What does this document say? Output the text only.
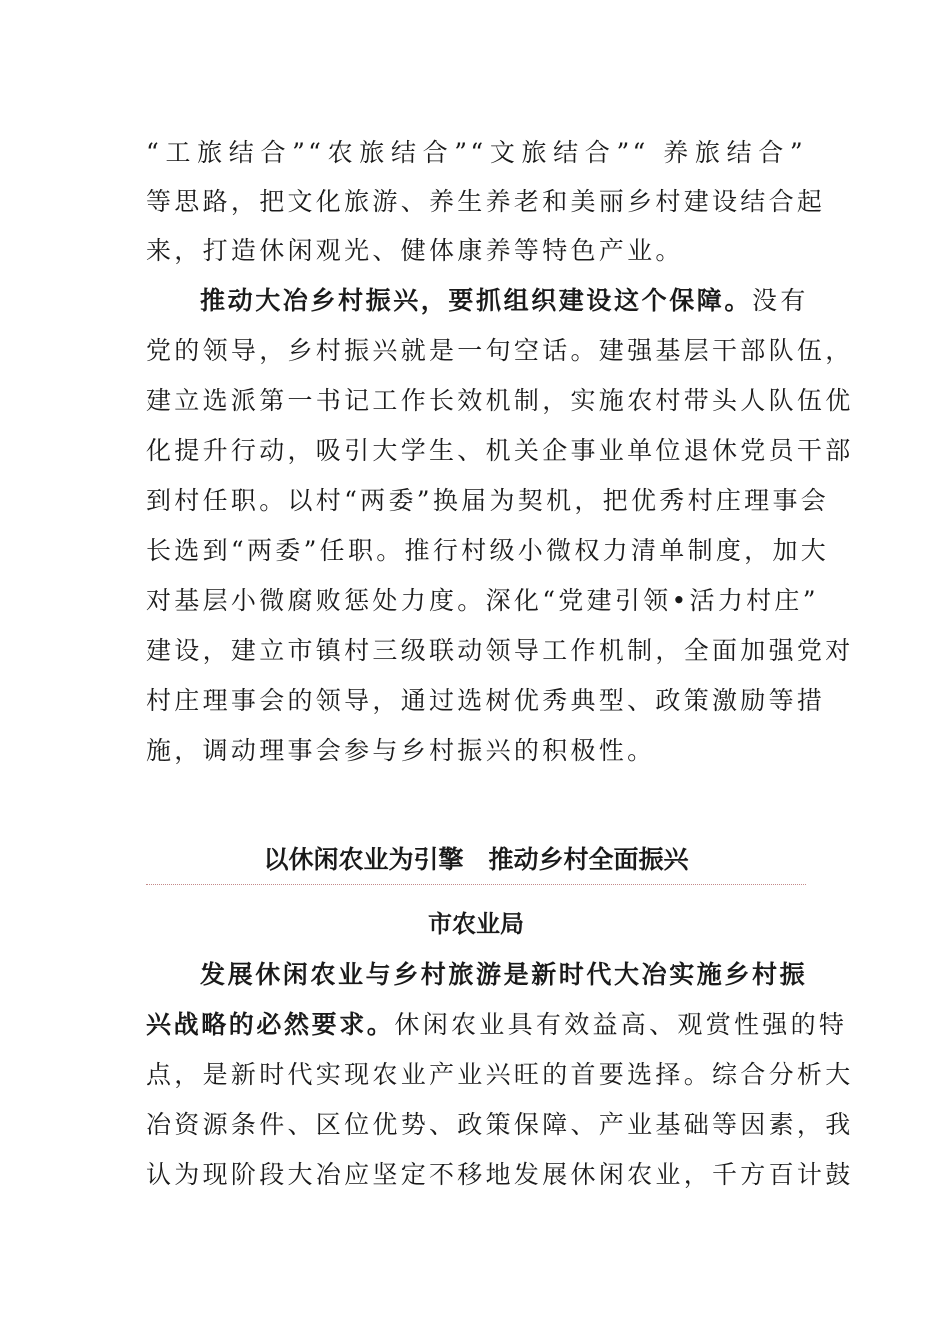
“工旅结合”“农旅结合”“文旅结合”“ 养旅结合”
等思路，把文化旅游、养生养老和美丽乡村建设结合起
来，打造休闲观光、健体康养等特色产业。
推动大冶乡村振兴，要抓组织建设这个保障。没有
党的领导，乡村振兴就是一句空话。建强基层干部队伍，
建立选派第一书记工作长效机制，实施农村带头人队伍优
化提升行动，吸引大学生、机关企事业单位退休党员干部
到村任职。以村“两委”换届为契机，把优秀村庄理事会
长选到“两委”任职。推行村级小微权力清单制度，加大
对基层小微腐败惩处力度。深化“党建引领•活力村庄”
建设，建立市镇村三级联动领导工作机制，全面加强党对
村庄理事会的领导，通过选树优秀典型、政策激励等措
施，调动理事会参与乡村振兴的积极性。
以休闲农业为引擎　推动乡村全面振兴
市农业局
发展休闲农业与乡村旅游是新时代大冶实施乡村振
兴战略的必然要求。休闲农业具有效益高、观赏性强的特
点，是新时代实现农业产业兴旺的首要选择。综合分析大
冶资源条件、区位优势、政策保障、产业基础等因素，我
认为现阶段大冶应坚定不移地发展休闲农业，千方百计鼓
